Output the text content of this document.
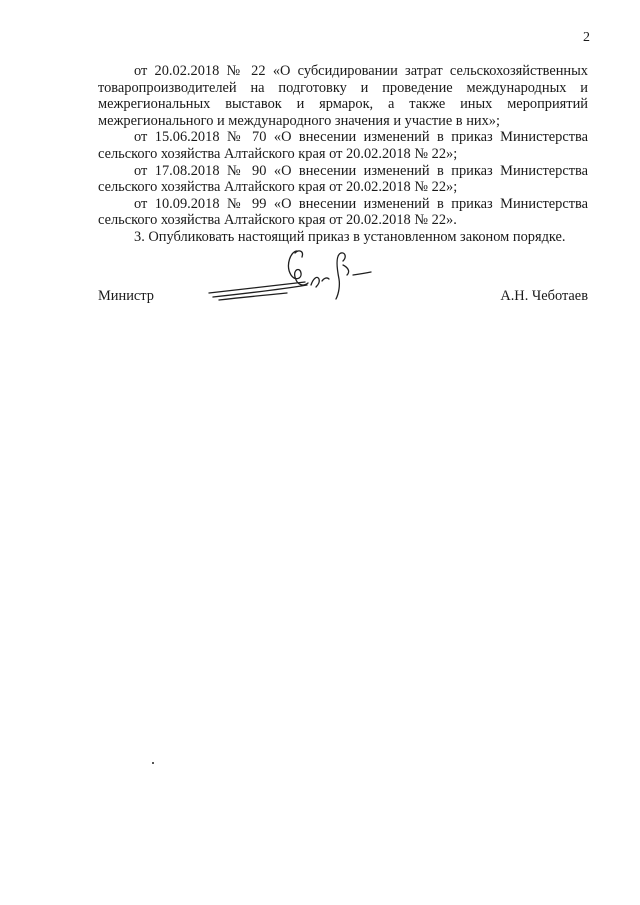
2

от 20.02.2018 № 22 «О субсидировании затрат сельскохозяйственных товаропроизводителей на подготовку и проведение международных и межрегиональных выставок и ярмарок, а также иных мероприятий межрегионального и международного значения и участие в них»;

от 15.06.2018 № 70 «О внесении изменений в приказ Министерства сельского хозяйства Алтайского края от 20.02.2018 № 22»;

от 17.08.2018 № 90 «О внесении изменений в приказ Министерства сельского хозяйства Алтайского края от 20.02.2018 № 22»;

от 10.09.2018 № 99 «О внесении изменений в приказ Министерства сельского хозяйства Алтайского края от 20.02.2018 № 22».

3. Опубликовать настоящий приказ в установленном законом порядке.

Министр	А.Н. Чеботаев
